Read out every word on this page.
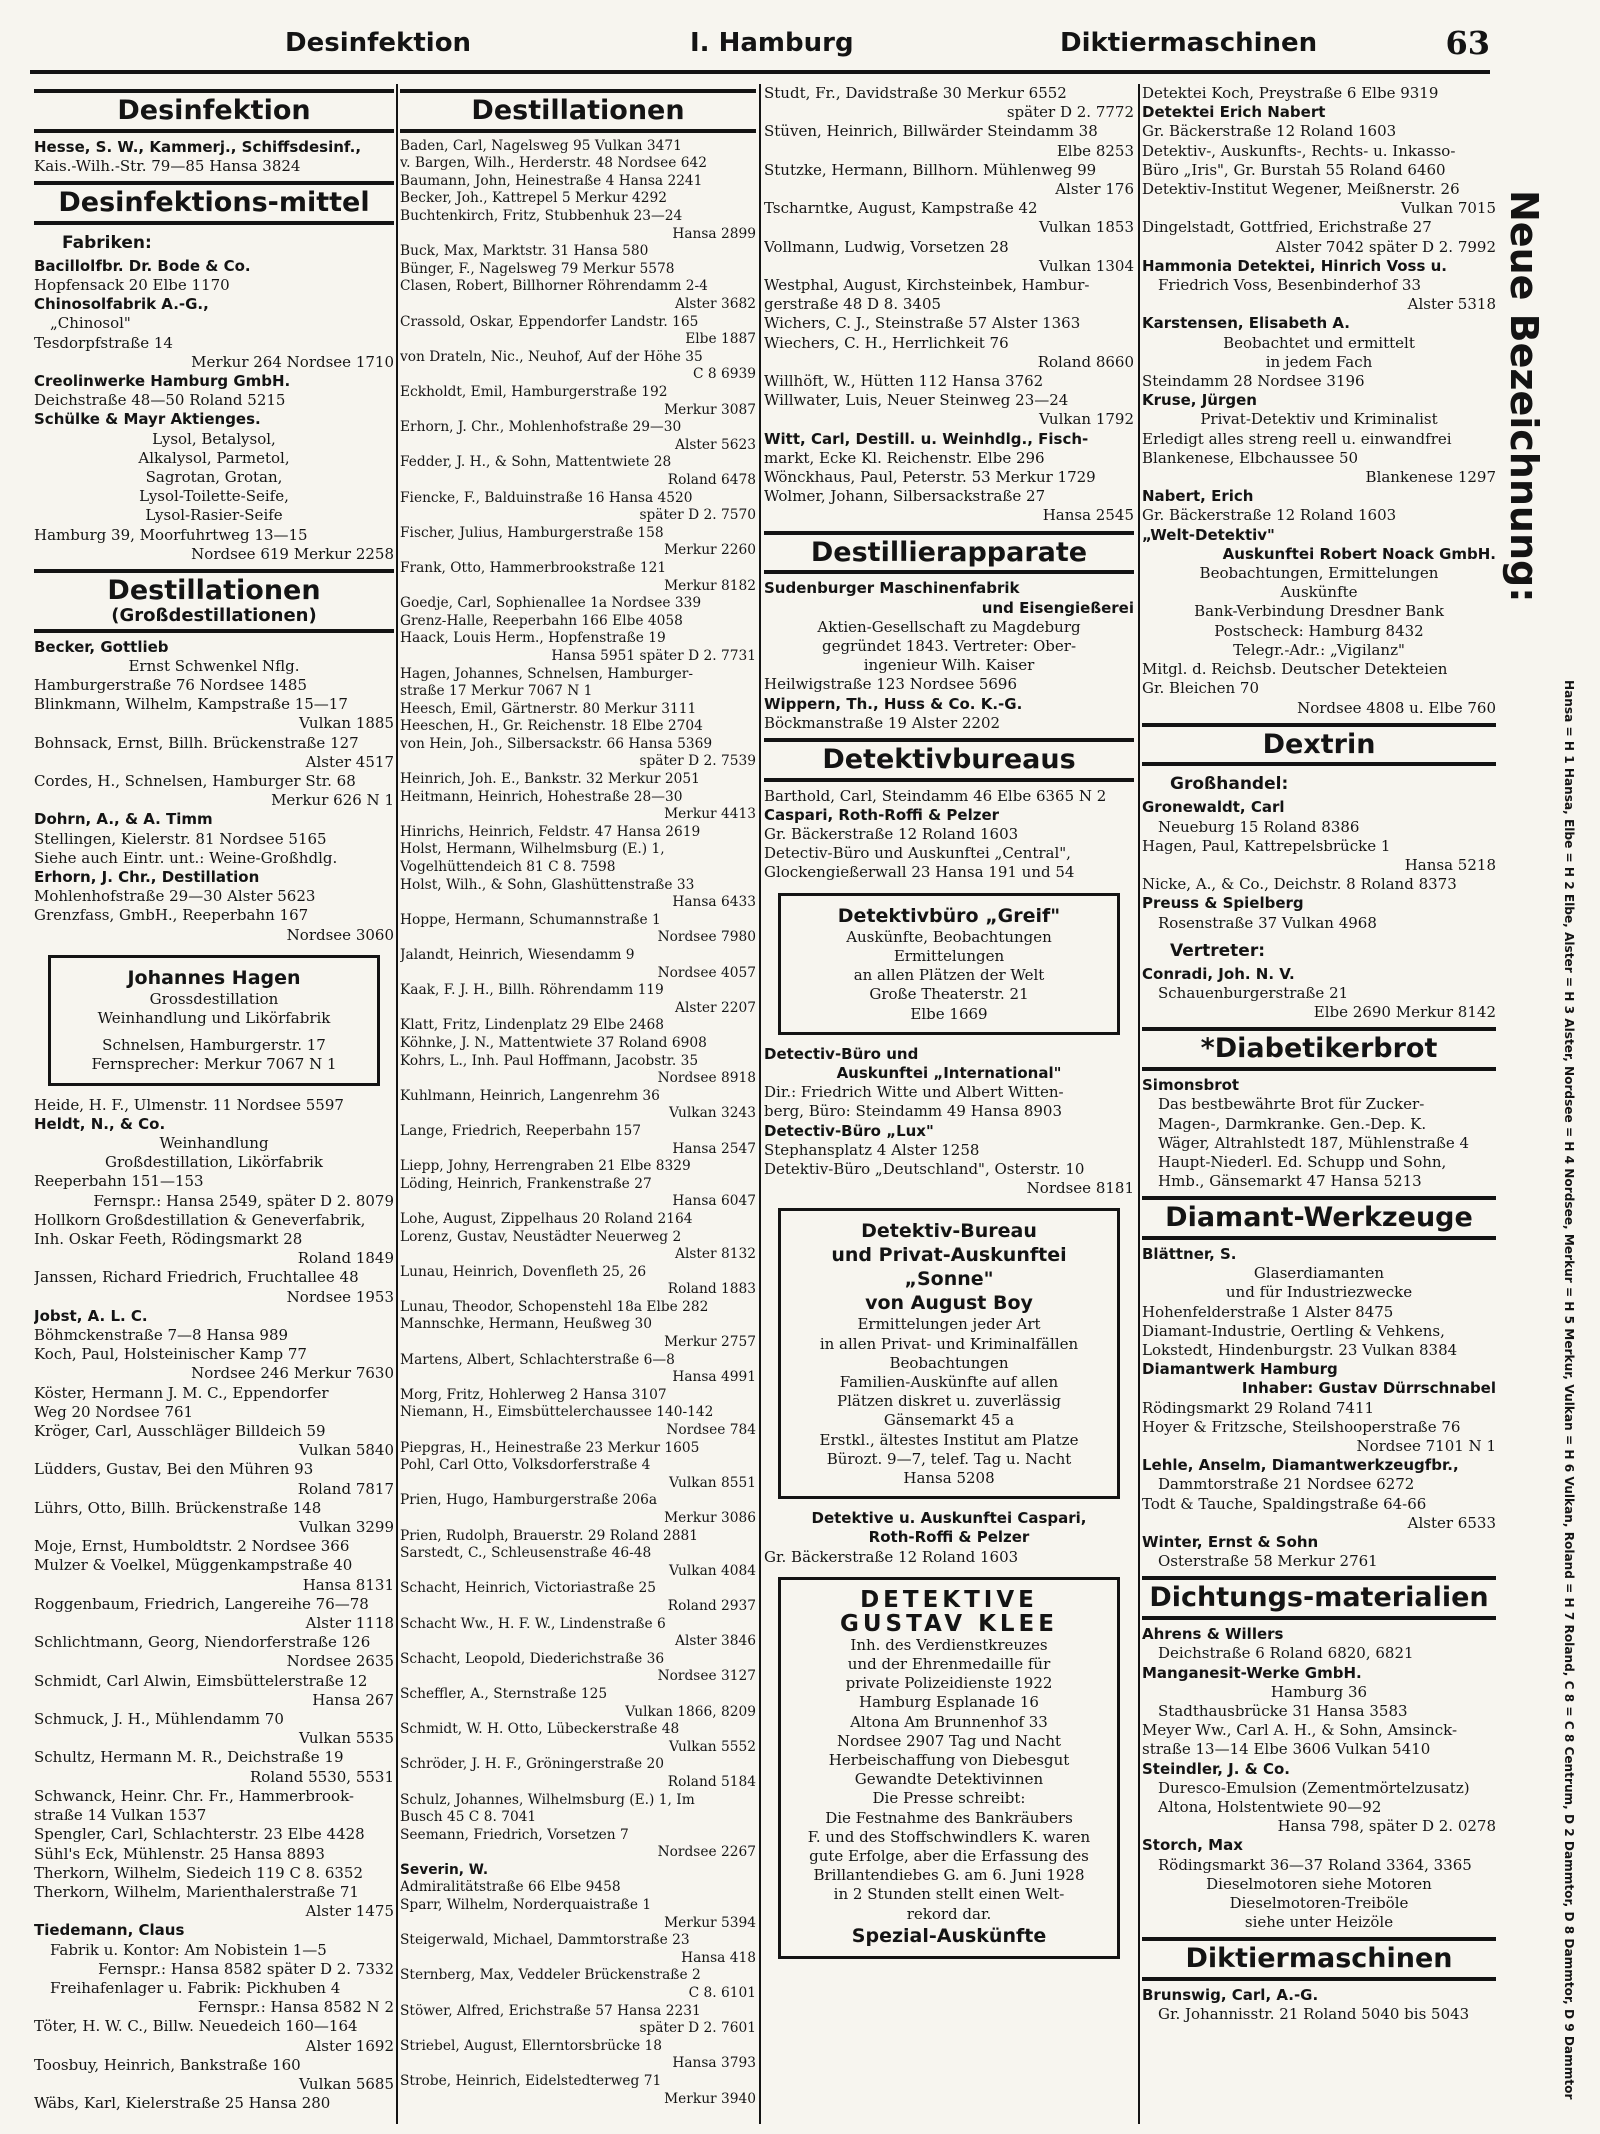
Desinfektion	I. Hamburg	Diktiermaschinen	63
Desinfektion
Hesse, S. W., Kammerj., Schiffsdesinf.,
Kais.-Wilh.-Str. 79—85 Hansa 3824
Desinfektions-mittel
Fabriken:
Bacillolfbr. Dr. Bode & Co.
Hopfensack 20 Elbe 1170
Chinosolfabrik A.-G.,
„Chinosol"
Tesdorpfstraße 14
Merkur 264 Nordsee 1710
Creolinwerke Hamburg GmbH.
Deichstraße 48—50 Roland 5215
Schülke & Mayr Aktienges.
Lysol, Betalysol,
Alkalysol, Parmetol,
Sagrotan, Grotan,
Lysol-Toilette-Seife,
Lysol-Rasier-Seife
Hamburg 39, Moorfuhrtweg 13—15
Nordsee 619 Merkur 2258
Destillationen
(Großdestillationen)
Becker, Gottlieb
Ernst Schwenkel Nflg.
Hamburgerstraße 76 Nordsee 1485
Blinkmann, Wilhelm, Kampstraße 15—17
Vulkan 1885
Bohnsack, Ernst, Billh. Brückenstraße 127
Alster 4517
Cordes, H., Schnelsen, Hamburger Str. 68
Merkur 626 N 1
Dohrn, A., & A. Timm
Stellingen, Kielerstr. 81 Nordsee 5165
Siehe auch Eintr. unt.: Weine-Großhdlg.
Erhorn, J. Chr., Destillation
Mohlenhofstraße 29—30 Alster 5623
Grenzfass, GmbH., Reeperbahn 167
Nordsee 3060
Johannes Hagen
Grossdestillation
Weinhandlung und Likörfabrik
Schnelsen, Hamburgerstr. 17
Fernsprecher: Merkur 7067 N 1
Heide, H. F., Ulmenstr. 11 Nordsee 5597
Heldt, N., & Co.
Weinhandlung
Großdestillation, Likörfabrik
Reeperbahn 151—153
Fernspr.: Hansa 2549, später D 2. 8079
Hollkorn Großdestillation & Geneverfabrik,
Inh. Oskar Feeth, Rödingsmarkt 28
Roland 1849
Janssen, Richard Friedrich, Fruchtallee 48
Nordsee 1953
Jobst, A. L. C.
Böhmckenstraße 7—8 Hansa 989
Koch, Paul, Holsteinischer Kamp 77
Nordsee 246 Merkur 7630
Köster, Hermann J. M. C., Eppendorfer
Weg 20 Nordsee 761
Kröger, Carl, Ausschläger Billdeich 59
Vulkan 5840
Lüdders, Gustav, Bei den Mühren 93
Roland 7817
Lührs, Otto, Billh. Brückenstraße 148
Vulkan 3299
Moje, Ernst, Humboldtstr. 2 Nordsee 366
Mulzer & Voelkel, Müggenkampstraße 40
Hansa 8131
Roggenbaum, Friedrich, Langereihe 76—78
Alster 1118
Schlichtmann, Georg, Niendorferstraße 126
Nordsee 2635
Schmidt, Carl Alwin, Eimsbüttelerstraße 12
Hansa 267
Schmuck, J. H., Mühlendamm 70
Vulkan 5535
Schultz, Hermann M. R., Deichstraße 19
Roland 5530, 5531
Schwanck, Heinr. Chr. Fr., Hammerbrook-
straße 14 Vulkan 1537
Spengler, Carl, Schlachterstr. 23 Elbe 4428
Sühl's Eck, Mühlenstr. 25 Hansa 8893
Therkorn, Wilhelm, Siedeich 119 C 8. 6352
Therkorn, Wilhelm, Marienthalerstraße 71
Alster 1475
Tiedemann, Claus
Fabrik u. Kontor: Am Nobistein 1—5
Fernspr.: Hansa 8582 später D 2. 7332
Freihafenlager u. Fabrik: Pickhuben 4
Fernspr.: Hansa 8582 N 2
Töter, H. W. C., Billw. Neuedeich 160—164
Alster 1692
Toosbuy, Heinrich, Bankstraße 160
Vulkan 5685
Wäbs, Karl, Kielerstraße 25 Hansa 280
Destillationen
Baden, Carl, Nagelsweg 95 Vulkan 3471
v. Bargen, Wilh., Herderstr. 48 Nordsee 642
Baumann, John, Heinestraße 4 Hansa 2241
Becker, Joh., Kattrepel 5 Merkur 4292
Buchtenkirch, Fritz, Stubbenhuk 23—24
Hansa 2899
Buck, Max, Marktstr. 31 Hansa 580
Bünger, F., Nagelsweg 79 Merkur 5578
Clasen, Robert, Billhorner Röhrendamm 2-4
Alster 3682
Crassold, Oskar, Eppendorfer Landstr. 165
Elbe 1887
von Drateln, Nic., Neuhof, Auf der Höhe 35
C 8 6939
Eckholdt, Emil, Hamburgerstraße 192
Merkur 3087
Erhorn, J. Chr., Mohlenhofstraße 29—30
Alster 5623
Fedder, J. H., & Sohn, Mattentwiete 28
Roland 6478
Fiencke, F., Balduinstraße 16 Hansa 4520
später D 2. 7570
Fischer, Julius, Hamburgerstraße 158
Merkur 2260
Frank, Otto, Hammerbrookstraße 121
Merkur 8182
Goedje, Carl, Sophienallee 1a Nordsee 339
Grenz-Halle, Reeperbahn 166 Elbe 4058
Haack, Louis Herm., Hopfenstraße 19
Hansa 5951 später D 2. 7731
Hagen, Johannes, Schnelsen, Hamburger-
straße 17 Merkur 7067 N 1
Heesch, Emil, Gärtnerstr. 80 Merkur 3111
Heeschen, H., Gr. Reichenstr. 18 Elbe 2704
von Hein, Joh., Silbersackstr. 66 Hansa 5369
später D 2. 7539
Heinrich, Joh. E., Bankstr. 32 Merkur 2051
Heitmann, Heinrich, Hohestraße 28—30
Merkur 4413
Hinrichs, Heinrich, Feldstr. 47 Hansa 2619
Holst, Hermann, Wilhelmsburg (E.) 1,
Vogelhüttendeich 81 C 8. 7598
Holst, Wilh., & Sohn, Glashüttenstraße 33
Hansa 6433
Hoppe, Hermann, Schumannstraße 1
Nordsee 7980
Jalandt, Heinrich, Wiesendamm 9
Nordsee 4057
Kaak, F. J. H., Billh. Röhrendamm 119
Alster 2207
Klatt, Fritz, Lindenplatz 29 Elbe 2468
Köhnke, J. N., Mattentwiete 37 Roland 6908
Kohrs, L., Inh. Paul Hoffmann, Jacobstr. 35
Nordsee 8918
Kuhlmann, Heinrich, Langenrehm 36
Vulkan 3243
Lange, Friedrich, Reeperbahn 157
Hansa 2547
Liepp, Johny, Herrengraben 21 Elbe 8329
Löding, Heinrich, Frankenstraße 27
Hansa 6047
Lohe, August, Zippelhaus 20 Roland 2164
Lorenz, Gustav, Neustädter Neuerweg 2
Alster 8132
Lunau, Heinrich, Dovenfleth 25, 26
Roland 1883
Lunau, Theodor, Schopenstehl 18a Elbe 282
Mannschke, Hermann, Heußweg 30
Merkur 2757
Martens, Albert, Schlachterstraße 6—8
Hansa 4991
Morg, Fritz, Hohlerweg 2 Hansa 3107
Niemann, H., Eimsbüttelerchaussee 140-142
Nordsee 784
Piepgras, H., Heinestraße 23 Merkur 1605
Pohl, Carl Otto, Volksdorferstraße 4
Vulkan 8551
Prien, Hugo, Hamburgerstraße 206a
Merkur 3086
Prien, Rudolph, Brauerstr. 29 Roland 2881
Sarstedt, C., Schleusenstraße 46-48
Vulkan 4084
Schacht, Heinrich, Victoriastraße 25
Roland 2937
Schacht Ww., H. F. W., Lindenstraße 6
Alster 3846
Schacht, Leopold, Diederichstraße 36
Nordsee 3127
Scheffler, A., Sternstraße 125
Vulkan 1866, 8209
Schmidt, W. H. Otto, Lübeckerstraße 48
Vulkan 5552
Schröder, J. H. F., Gröningerstraße 20
Roland 5184
Schulz, Johannes, Wilhelmsburg (E.) 1, Im
Busch 45 C 8. 7041
Seemann, Friedrich, Vorsetzen 7
Nordsee 2267
Severin, W.
Admiralitätstraße 66 Elbe 9458
Sparr, Wilhelm, Norderquaistraße 1
Merkur 5394
Steigerwald, Michael, Dammtorstraße 23
Hansa 418
Sternberg, Max, Veddeler Brückenstraße 2
C 8. 6101
Stöwer, Alfred, Erichstraße 57 Hansa 2231
später D 2. 7601
Striebel, August, Ellerntorsbrücke 18
Hansa 3793
Strobe, Heinrich, Eidelstedterweg 71
Merkur 3940
Studt, Fr., Davidstraße 30 Merkur 6552
später D 2. 7772
Stüven, Heinrich, Billwärder Steindamm 38
Elbe 8253
Stutzke, Hermann, Billhorn. Mühlenweg 99
Alster 176
Tscharntke, August, Kampstraße 42
Vulkan 1853
Vollmann, Ludwig, Vorsetzen 28
Vulkan 1304
Westphal, August, Kirchsteinbek, Hambur-
gerstraße 48 D 8. 3405
Wichers, C. J., Steinstraße 57 Alster 1363
Wiechers, C. H., Herrlichkeit 76
Roland 8660
Willhöft, W., Hütten 112 Hansa 3762
Willwater, Luis, Neuer Steinweg 23—24
Vulkan 1792
Witt, Carl, Destill. u. Weinhdlg., Fisch-
markt, Ecke Kl. Reichenstr. Elbe 296
Wönckhaus, Paul, Peterstr. 53 Merkur 1729
Wolmer, Johann, Silbersackstraße 27
Hansa 2545
Destillierapparate
Sudenburger Maschinenfabrik
und Eisengießerei
Aktien-Gesellschaft zu Magdeburg
gegründet 1843. Vertreter: Ober-
ingenieur Wilh. Kaiser
Heilwigstraße 123 Nordsee 5696
Wippern, Th., Huss & Co. K.-G.
Böckmanstraße 19 Alster 2202
Detektivbureaus
Barthold, Carl, Steindamm 46 Elbe 6365 N 2
Caspari, Roth-Roffi & Pelzer
Gr. Bäckerstraße 12 Roland 1603
Detectiv-Büro und Auskunftei „Central",
Glockengießerwall 23 Hansa 191 und 54
Detektivbüro „Greif"
Auskünfte, Beobachtungen
Ermittelungen
an allen Plätzen der Welt
Große Theaterstr. 21
Elbe 1669
Detectiv-Büro und
Auskunftei „International"
Dir.: Friedrich Witte und Albert Witten-
berg, Büro: Steindamm 49 Hansa 8903
Detectiv-Büro „Lux"
Stephansplatz 4 Alster 1258
Detektiv-Büro „Deutschland", Osterstr. 10
Nordsee 8181
Detektiv-Bureau
und Privat-Auskunftei
„Sonne"
von August Boy
Ermittelungen jeder Art
in allen Privat- und Kriminalfällen
Beobachtungen
Familien-Auskünfte auf allen
Plätzen diskret u. zuverlässig
Gänsemarkt 45 a
Erstkl., ältestes Institut am Platze
Bürozt. 9—7, telef. Tag u. Nacht
Hansa 5208
Detektive u. Auskunftei Caspari,
Roth-Roffi & Pelzer
Gr. Bäckerstraße 12 Roland 1603
DETEKTIVE
GUSTAV KLEE
Inh. des Verdienstkreuzes
und der Ehrenmedaille für
private Polizeidienste 1922
Hamburg Esplanade 16
Altona Am Brunnenhof 33
Nordsee 2907 Tag und Nacht
Herbeischaffung von Diebesgut
Gewandte Detektivinnen
Die Presse schreibt:
Die Festnahme des Bankräubers
F. und des Stoffschwindlers K. waren
gute Erfolge, aber die Erfassung des
Brillantendiebes G. am 6. Juni 1928
in 2 Stunden stellt einen Welt-
rekord dar.
Spezial-Auskünfte
Detektei Koch, Preystraße 6 Elbe 9319
Detektei Erich Nabert
Gr. Bäckerstraße 12 Roland 1603
Detektiv-, Auskunfts-, Rechts- u. Inkasso-
Büro „Iris", Gr. Burstah 55 Roland 6460
Detektiv-Institut Wegener, Meißnerstr. 26
Vulkan 7015
Dingelstadt, Gottfried, Erichstraße 27
Alster 7042 später D 2. 7992
Hammonia Detektei, Hinrich Voss u.
Friedrich Voss, Besenbinderhof 33
Alster 5318
Karstensen, Elisabeth A.
Beobachtet und ermittelt
in jedem Fach
Steindamm 28 Nordsee 3196
Kruse, Jürgen
Privat-Detektiv und Kriminalist
Erledigt alles streng reell u. einwandfrei
Blankenese, Elbchaussee 50
Blankenese 1297
Nabert, Erich
Gr. Bäckerstraße 12 Roland 1603
„Welt-Detektiv"
Auskunftei Robert Noack GmbH.
Beobachtungen, Ermittelungen
Auskünfte
Bank-Verbindung Dresdner Bank
Postscheck: Hamburg 8432
Telegr.-Adr.: „Vigilanz"
Mitgl. d. Reichsb. Deutscher Detekteien
Gr. Bleichen 70
Nordsee 4808 u. Elbe 760
Dextrin
Großhandel:
Gronewaldt, Carl
Neueburg 15 Roland 8386
Hagen, Paul, Kattrepelsbrücke 1
Hansa 5218
Nicke, A., & Co., Deichstr. 8 Roland 8373
Preuss & Spielberg
Rosenstraße 37 Vulkan 4968
Vertreter:
Conradi, Joh. N. V.
Schauenburgerstraße 21
Elbe 2690 Merkur 8142
*Diabetikerbrot
Simonsbrot
Das bestbewährte Brot für Zucker-
Magen-, Darmkranke. Gen.-Dep. K.
Wäger, Altrahlstedt 187, Mühlenstraße 4
Haupt-Niederl. Ed. Schupp und Sohn,
Hmb., Gänsemarkt 47 Hansa 5213
Diamant-Werkzeuge
Blättner, S.
Glaserdiamanten
und für Industriezwecke
Hohenfelderstraße 1 Alster 8475
Diamant-Industrie, Oertling & Vehkens,
Lokstedt, Hindenburgstr. 23 Vulkan 8384
Diamantwerk Hamburg
Inhaber: Gustav Dürrschnabel
Rödingsmarkt 29 Roland 7411
Hoyer & Fritzsche, Steilshooperstraße 76
Nordsee 7101 N 1
Lehle, Anselm, Diamantwerkzeugfbr.,
Dammtorstraße 21 Nordsee 6272
Todt & Tauche, Spaldingstraße 64-66
Alster 6533
Winter, Ernst & Sohn
Osterstraße 58 Merkur 2761
Dichtungs-materialien
Ahrens & Willers
Deichstraße 6 Roland 6820, 6821
Manganesit-Werke GmbH.
Hamburg 36
Stadthausbrücke 31 Hansa 3583
Meyer Ww., Carl A. H., & Sohn, Amsinck-
straße 13—14 Elbe 3606 Vulkan 5410
Steindler, J. & Co.
Duresco-Emulsion (Zementmörtelzusatz)
Altona, Holstentwiete 90—92
Hansa 798, später D 2. 0278
Storch, Max
Rödingsmarkt 36—37 Roland 3364, 3365
Dieselmotoren siehe Motoren
Dieselmotoren-Treiböle
siehe unter Heizöle
Diktiermaschinen
Brunswig, Carl, A.-G.
Gr. Johannisstr. 21 Roland 5040 bis 5043
Neue Bezeichnung:
Hansa = H 1 Hansa, Elbe = H 2 Elbe, Alster = H 3 Alster, Nordsee = H 4 Nordsee, Merkur = H 5 Merkur, Vulkan = H 6 Vulkan, Roland = H 7 Roland, C 8 = C 8 Centrum, D 2 Dammtor, D 8 Dammtor, D 9 Dammtor
